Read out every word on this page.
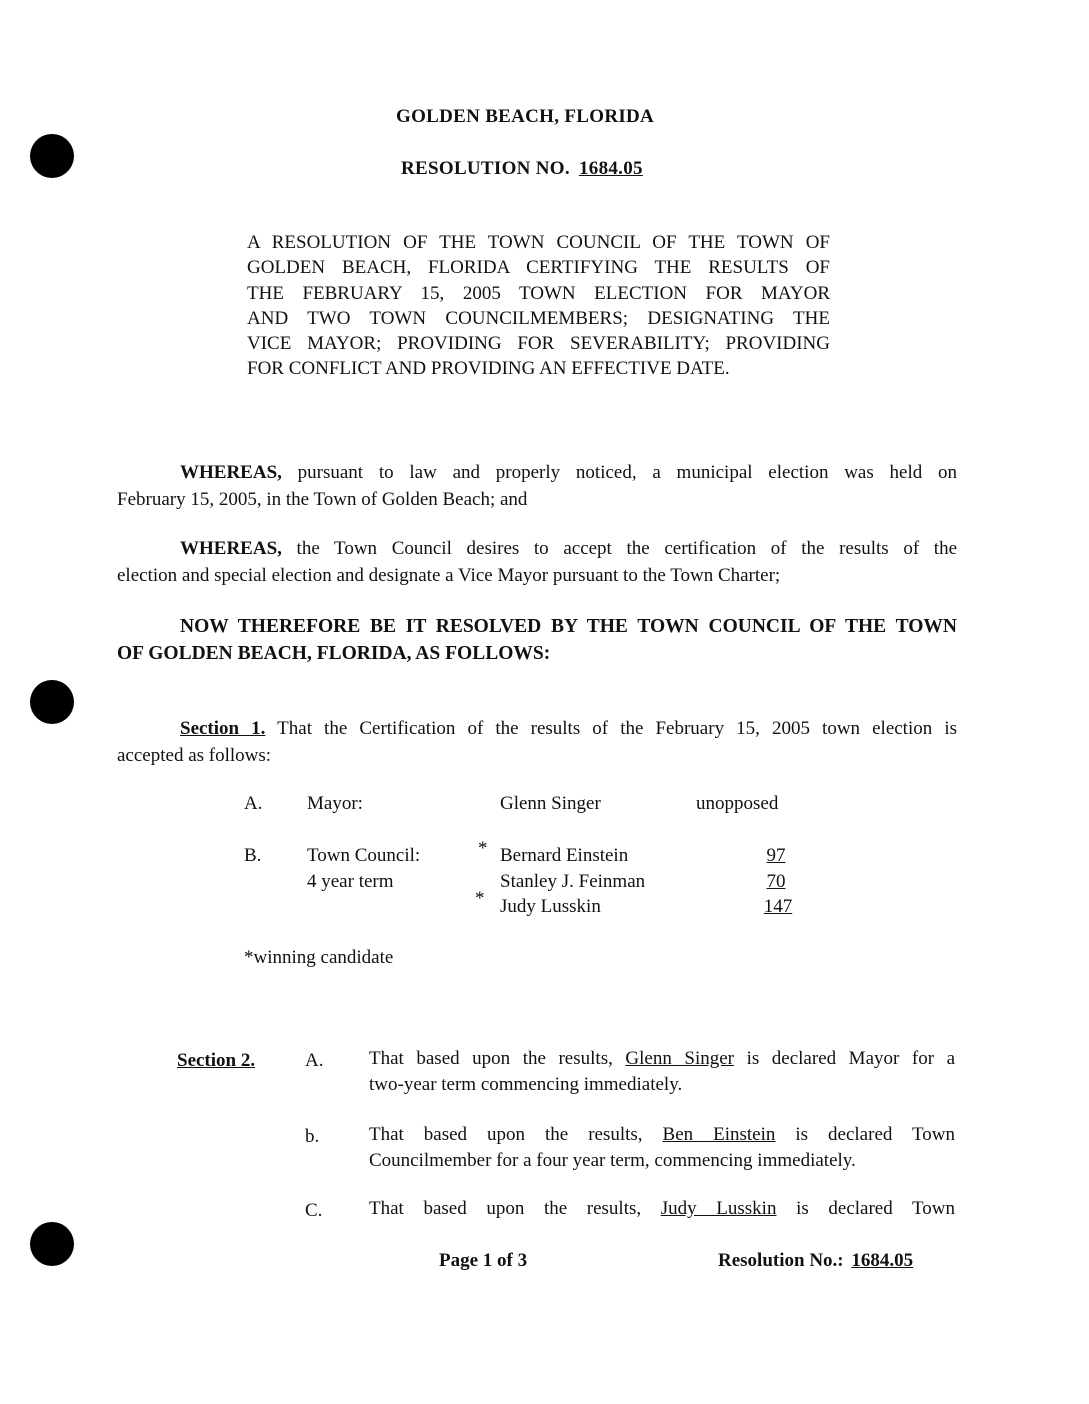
GOLDEN BEACH, FLORIDA
RESOLUTION NO. 1684.05
A RESOLUTION OF THE TOWN COUNCIL OF THE TOWN OF
GOLDEN BEACH, FLORIDA CERTIFYING THE RESULTS OF
THE FEBRUARY 15, 2005 TOWN ELECTION FOR MAYOR
AND TWO TOWN COUNCILMEMBERS; DESIGNATING THE
VICE MAYOR; PROVIDING FOR SEVERABILITY; PROVIDING
FOR CONFLICT AND PROVIDING AN EFFECTIVE DATE.
WHEREAS, pursuant to law and properly noticed, a municipal election was held on
February 15, 2005, in the Town of Golden Beach; and
WHEREAS, the Town Council desires to accept the certification of the results of the
election and special election and designate a Vice Mayor pursuant to the Town Charter;
NOW THEREFORE BE IT RESOLVED BY THE TOWN COUNCIL OF THE TOWN
OF GOLDEN BEACH, FLORIDA, AS FOLLOWS:
Section 1. That the Certification of the results of the February 15, 2005 town election is
accepted as follows:
A. Mayor:	Glenn Singer	unopposed
B. Town Council:
4 year term
* Bernard Einstein	97
Stanley J. Feinman	70
* Judy Lusskin	147
*winning candidate
Section 2.	A. That based upon the results, Glenn Singer is declared Mayor for a
two-year term commencing immediately.
b.	That based upon the results, Ben Einstein is declared Town
Councilmember for a four year term, commencing immediately.
C. That based upon the results, Judy Lusskin is declared Town
Page 1 of 3	Resolution No.: 1684.05
